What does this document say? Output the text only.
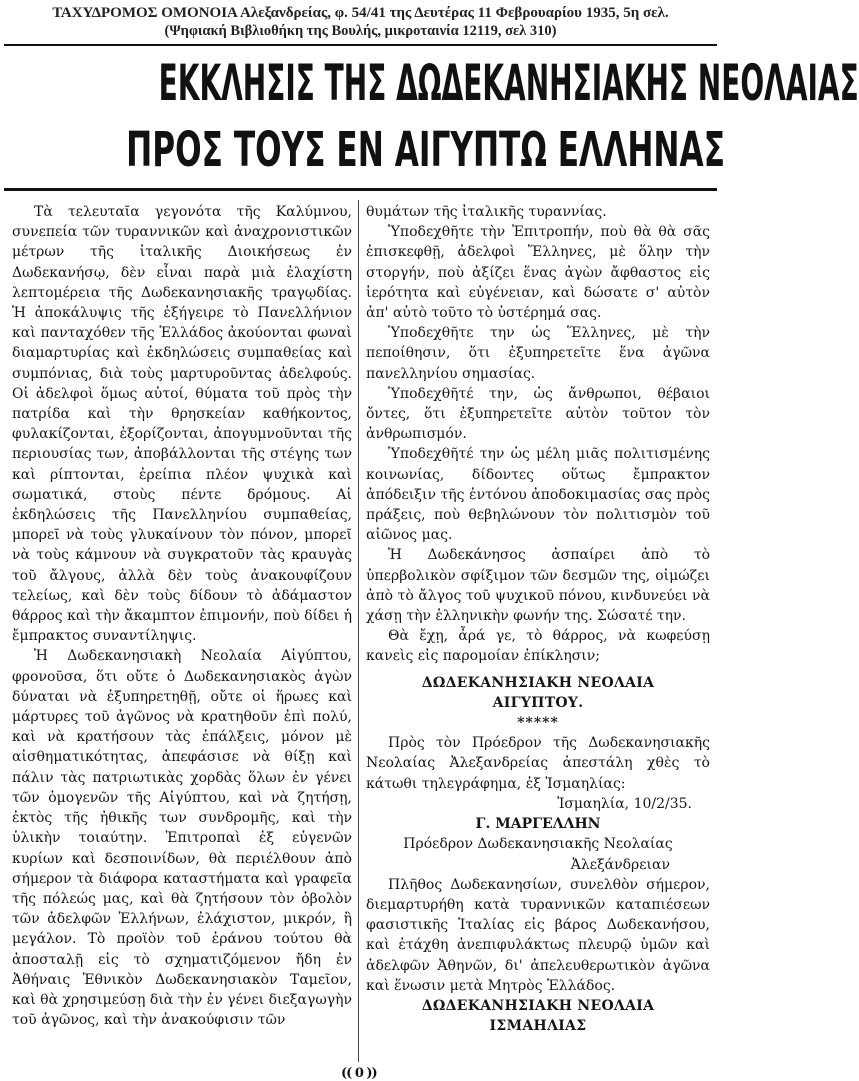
ΤΑΧΥΔΡΟΜΟΣ ΟΜΟΝΟΙΑ Αλεξανδρείας, φ. 54/41 της Δευτέρας 11 Φεβρουαρίου 1935, 5η σελ.
(Ψηφιακή Βιβλιοθήκη της Βουλής, μικροταινία 12119, σελ 310)
ΕΚΚΛΗΣΙΣ ΤΗΣ ΔΩΔΕΚΑΝΗΣΙΑΚΗΣ ΝΕΟΛΑΙΑΣ
ΠΡΟΣ ΤΟΥΣ ΕΝ ΑΙΓΥΠΤΩ ΕΛΛΗΝΑΣ

Τὰ τελευταῖα γεγονότα τῆς Καλύμνου, συνεπεία τῶν τυραννικῶν καὶ ἀναχρονιστικῶν μέτρων τῆς ἰταλικῆς Διοικήσεως ἐν Δωδεκανήσῳ, δὲν εἶναι παρὰ μιὰ ἐλαχίστη λεπτομέρεια τῆς Δωδεκανησιακῆς τραγῳδίας. Ἡ ἀποκάλυψις τῆς ἐξήγειρε τὸ Πανελλήνιον καὶ πανταχόθεν τῆς Ἑλλάδος ἀκούονται φωναὶ διαμαρτυρίας καὶ ἐκδηλώσεις συμπαθείας καὶ συμπόνιας, διὰ τοὺς μαρτυροῦντας ἀδελφούς. Οἱ ἀδελφοὶ ὅμως αὐτοί, θύματα τοῦ πρὸς τὴν πατρίδα καὶ τὴν θρησκείαν καθήκοντος, φυλακίζονται, ἐξορίζονται, ἀπογυμνοῦνται τῆς περιουσίας των, ἀποβάλλονται τῆς στέγης των καὶ ρίπτονται, ἐρείπια πλέον ψυχικὰ καὶ σωματικά, στοὺς πέντε δρόμους. Αἱ ἐκδηλώσεις τῆς Πανελληνίου συμπαθείας, μπορεῖ νὰ τοὺς γλυκαίνουν τὸν πόνον, μπορεῖ νὰ τοὺς κάμνουν νὰ συγκρατοῦν τὰς κραυγὰς τοῦ ἄλγους, ἀλλὰ δὲν τοὺς ἀνακουφίζουν τελείως, καὶ δὲν τοὺς δίδουν τὸ ἀδάμαστον θάρρος καὶ τὴν ἄκαμπτον ἐπιμονήν, ποὺ δίδει ἡ ἔμπρακτος συναντίληψις.

Ἡ Δωδεκανησιακὴ Νεολαία Αἰγύπτου, φρονοῦσα, ὅτι οὔτε ὁ Δωδεκανησιακὸς ἀγὼν δύναται νὰ ἐξυπηρετηθῇ, οὔτε οἱ ἥρωες καὶ μάρτυρες τοῦ ἀγῶνος νὰ κρατηθοῦν ἐπὶ πολύ, καὶ νὰ κρατήσουν τὰς ἐπάλξεις, μόνον μὲ αἰσθηματικότητας, ἀπεφάσισε νὰ θίξῃ καὶ πάλιν τὰς πατριωτικὰς χορδὰς ὅλων ἐν γένει τῶν ὁμογενῶν τῆς Αἰγύπτου, καὶ νὰ ζητήσῃ, ἐκτὸς τῆς ἠθικῆς των συνδρομῆς, καὶ τὴν ὑλικὴν τοιαύτην. Ἐπιτροπαὶ ἐξ εὐγενῶν κυρίων καὶ δεσποινίδων, θὰ περιέλθουν ἀπὸ σήμερον τὰ διάφορα καταστήματα καὶ γραφεῖα τῆς πόλεώς μας, καὶ θὰ ζητήσουν τὸν ὀβολὸν τῶν ἀδελφῶν Ἑλλήνων, ἐλάχιστον, μικρόν, ἢ μεγάλον. Τὸ προϊὸν τοῦ ἐράνου τούτου θὰ ἀποσταλῇ εἰς τὸ σχηματιζόμενον ἤδη ἐν Ἀθήναις Ἐθνικὸν Δωδεκανησιακὸν Ταμεῖον, καὶ θὰ χρησιμεύσῃ διὰ τὴν ἐν γένει διεξαγωγὴν τοῦ ἀγῶνος, καὶ τὴν ἀνακούφισιν τῶν

θυμάτων τῆς ἰταλικῆς τυραννίας.

Ὑποδεχθῆτε τὴν Ἐπιτροπήν, ποὺ θὰ θὰ σᾶς ἐπισκεφθῇ, ἀδελφοὶ Ἕλληνες, μὲ ὅλην τὴν στοργήν, ποὺ ἀξίζει ἕνας ἀγὼν ἄφθαστος εἰς ἱερότητα καὶ εὐγένειαν, καὶ δώσατε σ' αὐτὸν ἀπ' αὐτὸ τοῦτο τὸ ὑστέρημά σας.

Ὑποδεχθῆτε την ὡς Ἕλληνες, μὲ τὴν πεποίθησιν, ὅτι ἐξυπηρετεῖτε ἕνα ἀγῶνα πανελληνίου σημασίας.

Ὑποδεχθῆτέ την, ὡς ἄνθρωποι, θέβαιοι ὄντες, ὅτι ἐξυπηρετεῖτε αὐτὸν τοῦτον τὸν ἀνθρωπισμόν.

Ὑποδεχθῆτέ την ὡς μέλη μιᾶς πολιτισμένης κοινωνίας, δίδοντες οὕτως ἔμπρακτον ἀπόδειξιν τῆς ἐντόνου ἀποδοκιμασίας σας πρὸς πράξεις, ποὺ θεβηλώνουν τὸν πολιτισμὸν τοῦ αἰῶνος μας.

Ἡ Δωδεκάνησος ἀσπαίρει ἀπὸ τὸ ὑπερβολικὸν σφίξιμον τῶν δεσμῶν της, οἰμώζει ἀπὸ τὸ ἄλγος τοῦ ψυχικοῦ πόνου, κινδυνεύει νὰ χάσῃ τὴν ἑλληνικὴν φωνήν της. Σώσατέ την.

Θὰ ἔχῃ, ἆρά γε, τὸ θάρρος, νὰ κωφεύσῃ κανεὶς εἰς παρομοίαν ἐπίκλησιν;

ΔΩΔΕΚΑΝΗΣΙΑΚΗ ΝΕΟΛΑΙΑ

ΑΙΓΥΠΤΟΥ.

*****

Πρὸς τὸν Πρόεδρον τῆς Δωδεκανησιακῆς Νεολαίας Ἀλεξανδρείας ἀπεστάλη χθὲς τὸ κάτωθι τηλεγράφημα, ἐξ Ἰσμαηλίας:

Ἰσμαηλία, 10/2/35.

Γ. ΜΑΡΓΕΛΛΗΝ

Πρόεδρον Δωδεκανησιακῆς Νεολαίας

Ἀλεξάνδρειαν

Πλῆθος Δωδεκανησίων, συνελθὸν σήμερον, διεμαρτυρήθη κατὰ τυραννικῶν καταπιέσεων φασιστικῆς Ἰταλίας εἰς βάρος Δωδεκανήσου, καὶ ἐτάχθη ἀνεπιφυλάκτως πλευρῷ ὑμῶν καὶ ἀδελφῶν Ἀθηνῶν, δι' ἀπελευθερωτικὸν ἀγῶνα καὶ ἕνωσιν μετὰ Μητρὸς Ἑλλάδος.

ΔΩΔΕΚΑΝΗΣΙΑΚΗ ΝΕΟΛΑΙΑ

ΙΣΜΑΗΛΙΑΣ

(( 0 ))
